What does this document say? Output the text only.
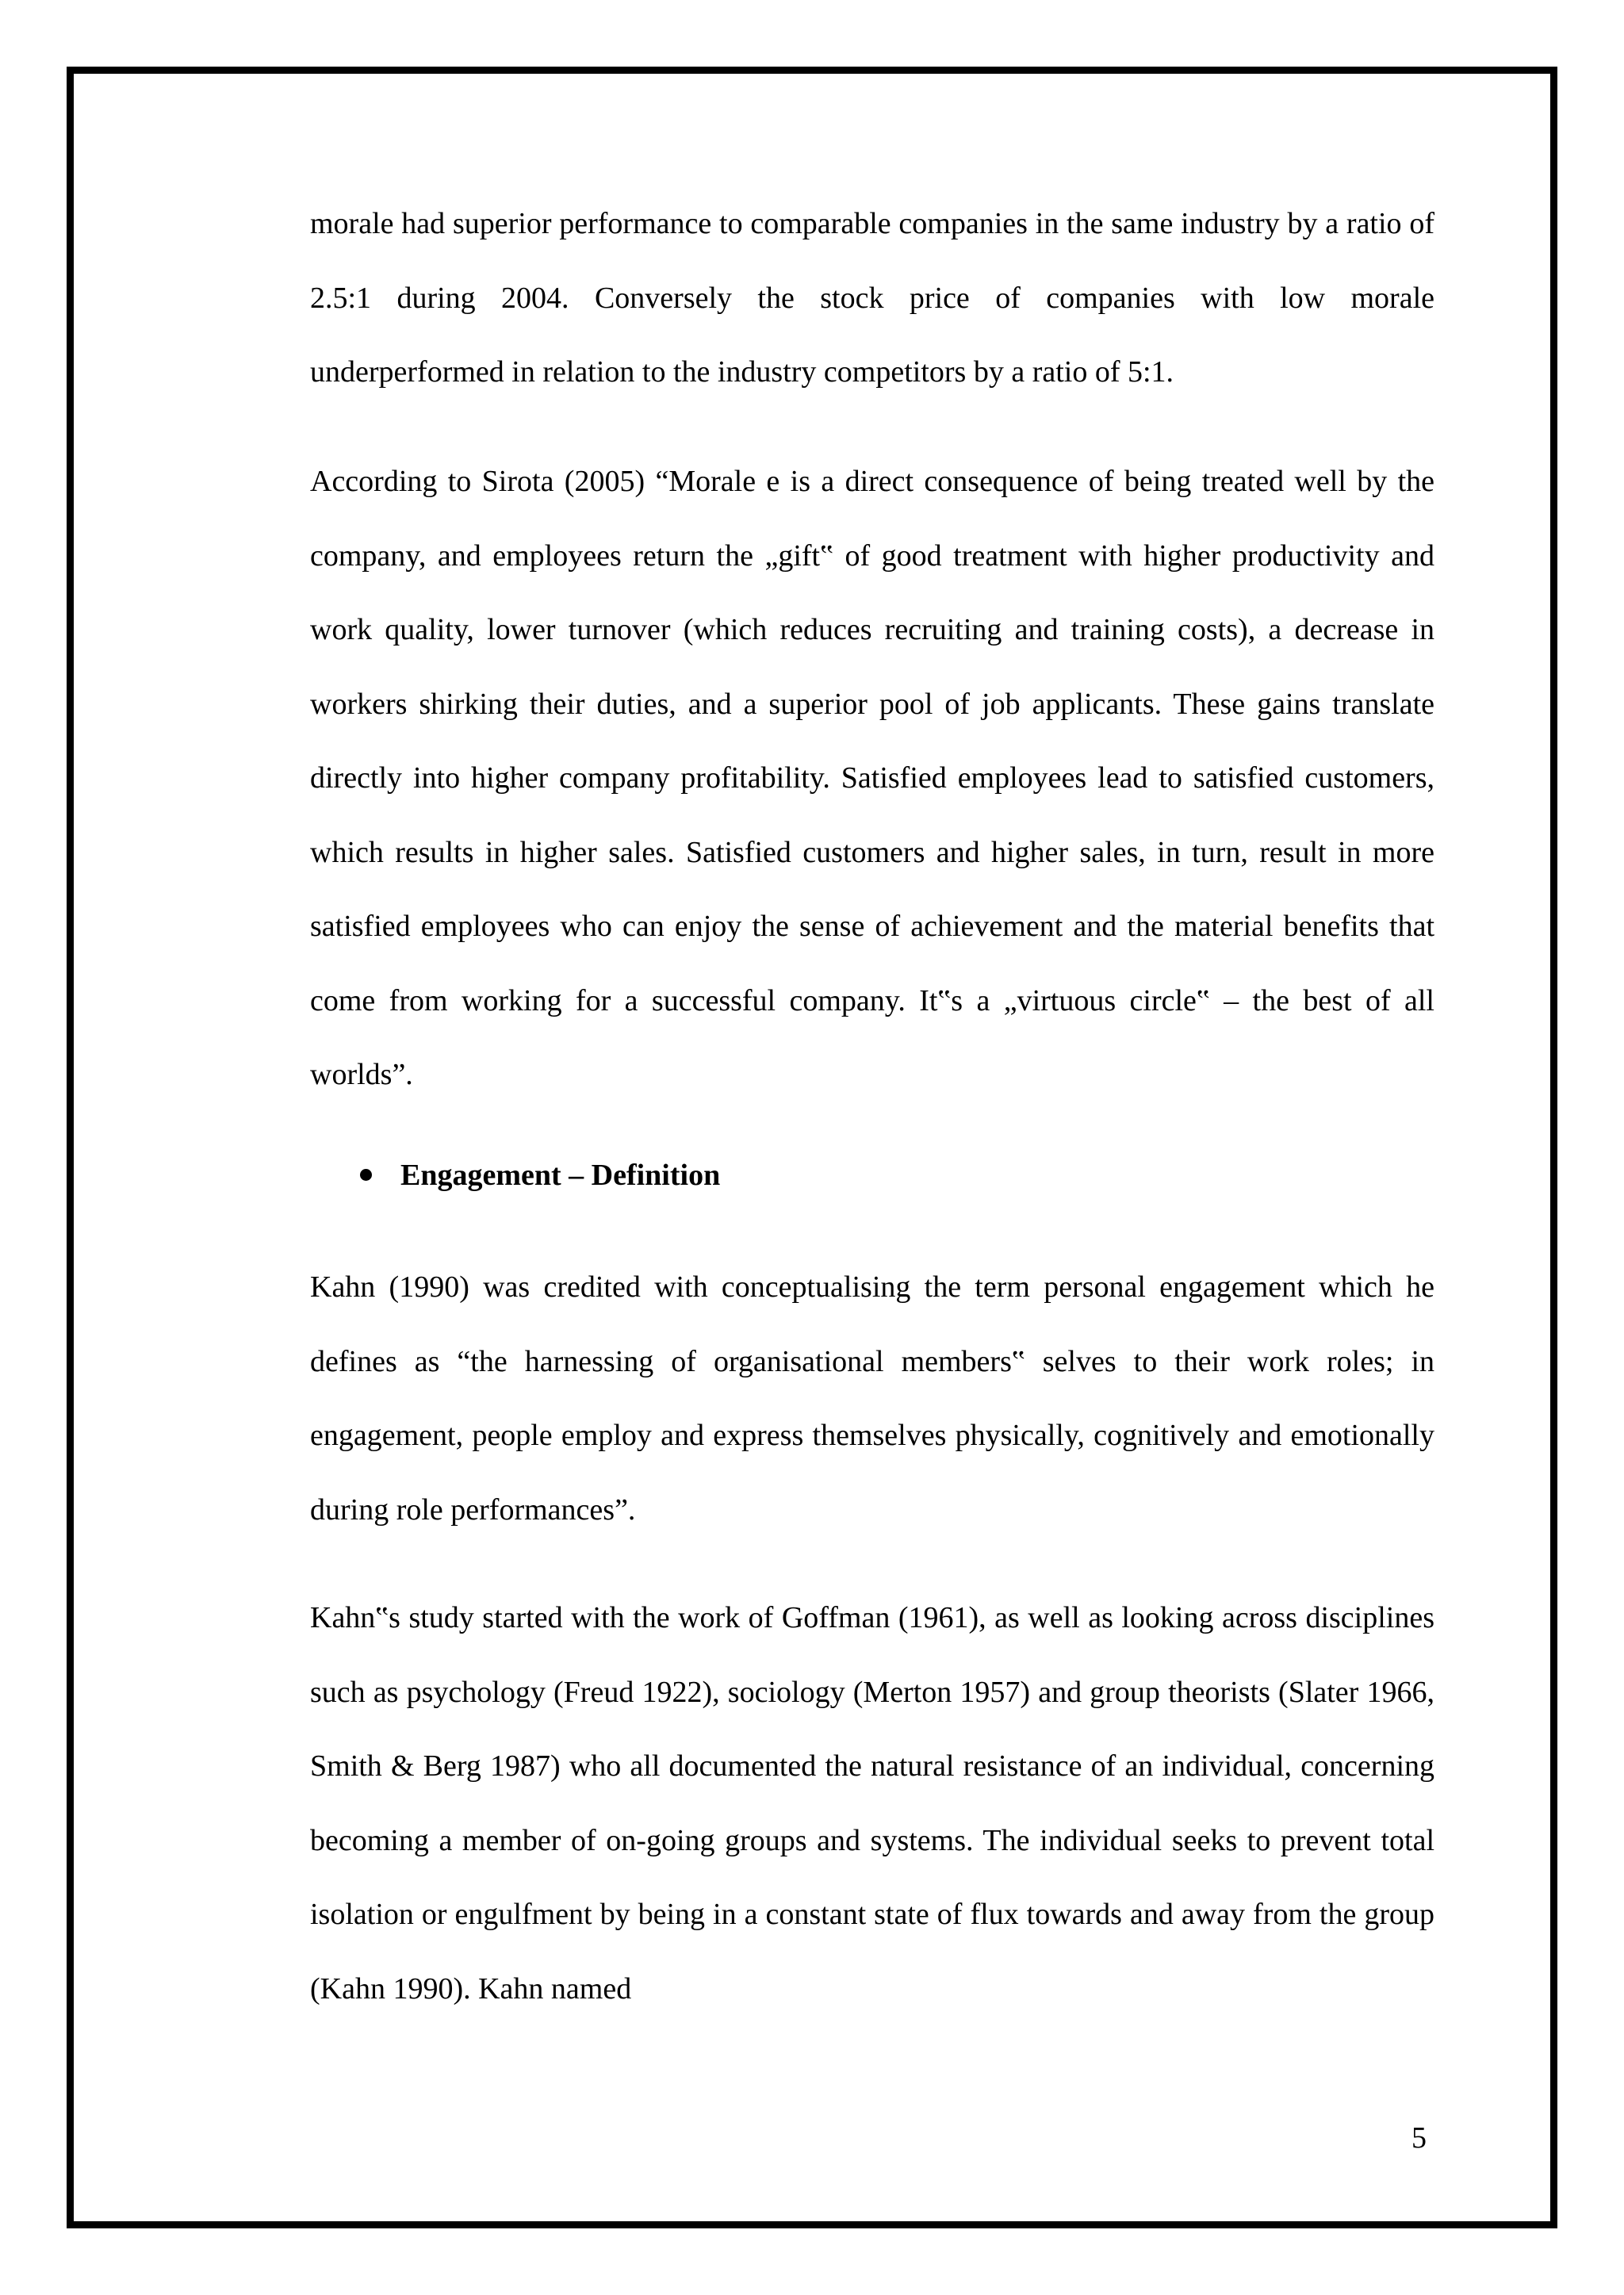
morale had superior performance to comparable companies in the same industry by a ratio of 2.5:1 during 2004. Conversely the stock price of companies with low morale underperformed in relation to the industry competitors by a ratio of 5:1.

According to Sirota (2005) “Morale e is a direct consequence of being treated well by the company, and employees return the „gift‟ of good treatment with higher productivity and work quality, lower turnover (which reduces recruiting and training costs), a decrease in workers shirking their duties, and a superior pool of job applicants. These gains translate directly into higher company profitability. Satisfied employees lead to satisfied customers, which results in higher sales. Satisfied customers and higher sales, in turn, result in more satisfied employees who can enjoy the sense of achievement and the material benefits that come from working for a successful company. It‟s a „virtuous circle‟ – the best of all worlds”.

Engagement – Definition

Kahn (1990) was credited with conceptualising the term personal engagement which he defines as “the harnessing of organisational members‟ selves to their work roles; in engagement, people employ and express themselves physically, cognitively and emotionally during role performances”.

Kahn‟s study started with the work of Goffman (1961), as well as looking across disciplines such as psychology (Freud 1922), sociology (Merton 1957) and group theorists (Slater 1966, Smith & Berg 1987) who all documented the natural resistance of an individual, concerning becoming a member of on-going groups and systems. The individual seeks to prevent total isolation or engulfment by being in a constant state of flux towards and away from the group (Kahn 1990). Kahn named

5
